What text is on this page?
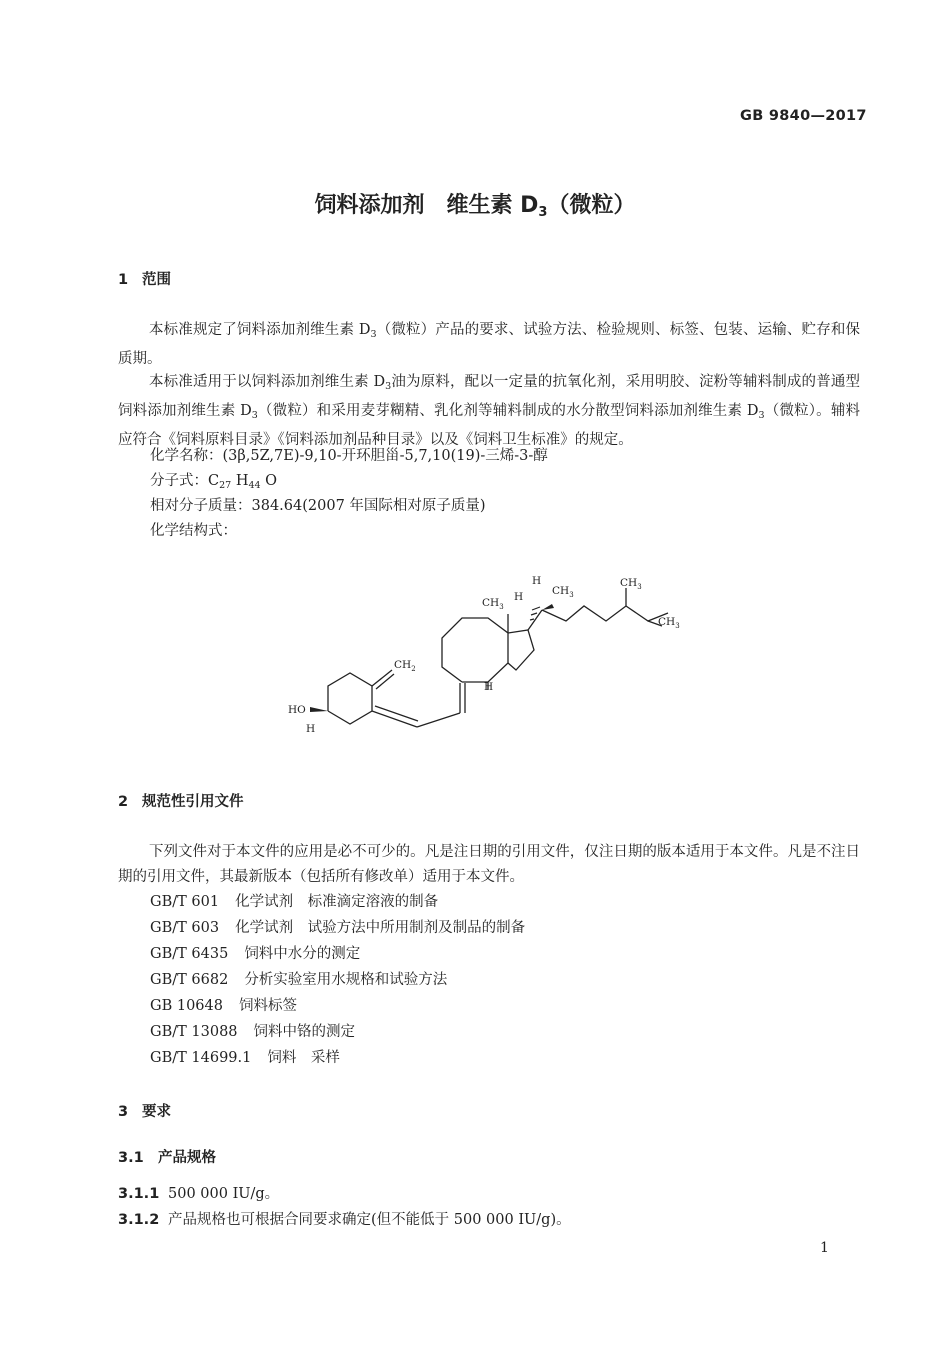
GB 9840—2017
饲料添加剂　维生素 $D_3$（微粒）
1 范围
本标准规定了饲料添加剂维生素 $D_3$（微粒）产品的要求、试验方法、检验规则、标签、包装、运输、贮存和保质期。
本标准适用于以饲料添加剂维生素 $D_3$油为原料，配以一定量的抗氧化剂，采用明胶、淀粉等辅料制成的普通型饲料添加剂维生素 $D_3$（微粒）和采用麦芽糊精、乳化剂等辅料制成的水分散型饲料添加剂维生素 $D_3$（微粒）。辅料应符合《饲料原料目录》《饲料添加剂品种目录》以及《饲料卫生标准》的规定。
化学名称：(3β,5Z,7E)-9,10-开环胆甾-5,7,10(19)-三烯-3-醇
分子式：$C_{27}$ $H_{44}$ O
相对分子质量：384.64(2007 年国际相对原子质量)
化学结构式：
$CH_3$
$CH_3$
$CH_3$
H
$CH_3$
H
H
$CH_2$
HO
H
2 规范性引用文件
下列文件对于本文件的应用是必不可少的。凡是注日期的引用文件，仅注日期的版本适用于本文件。凡是不注日期的引用文件，其最新版本（包括所有修改单）适用于本文件。
GB/T 601 化学试剂　标准滴定溶液的制备
GB/T 603 化学试剂　试验方法中所用制剂及制品的制备
GB/T 6435 饲料中水分的测定
GB/T 6682 分析实验室用水规格和试验方法
GB 10648 饲料标签
GB/T 13088 饲料中铬的测定
GB/T 14699.1 饲料　采样
3 要求
3.1 产品规格
3.1.1 500 000 IU/g。
3.1.2 产品规格也可根据合同要求确定(但不能低于 500 000 IU/g)。
1
